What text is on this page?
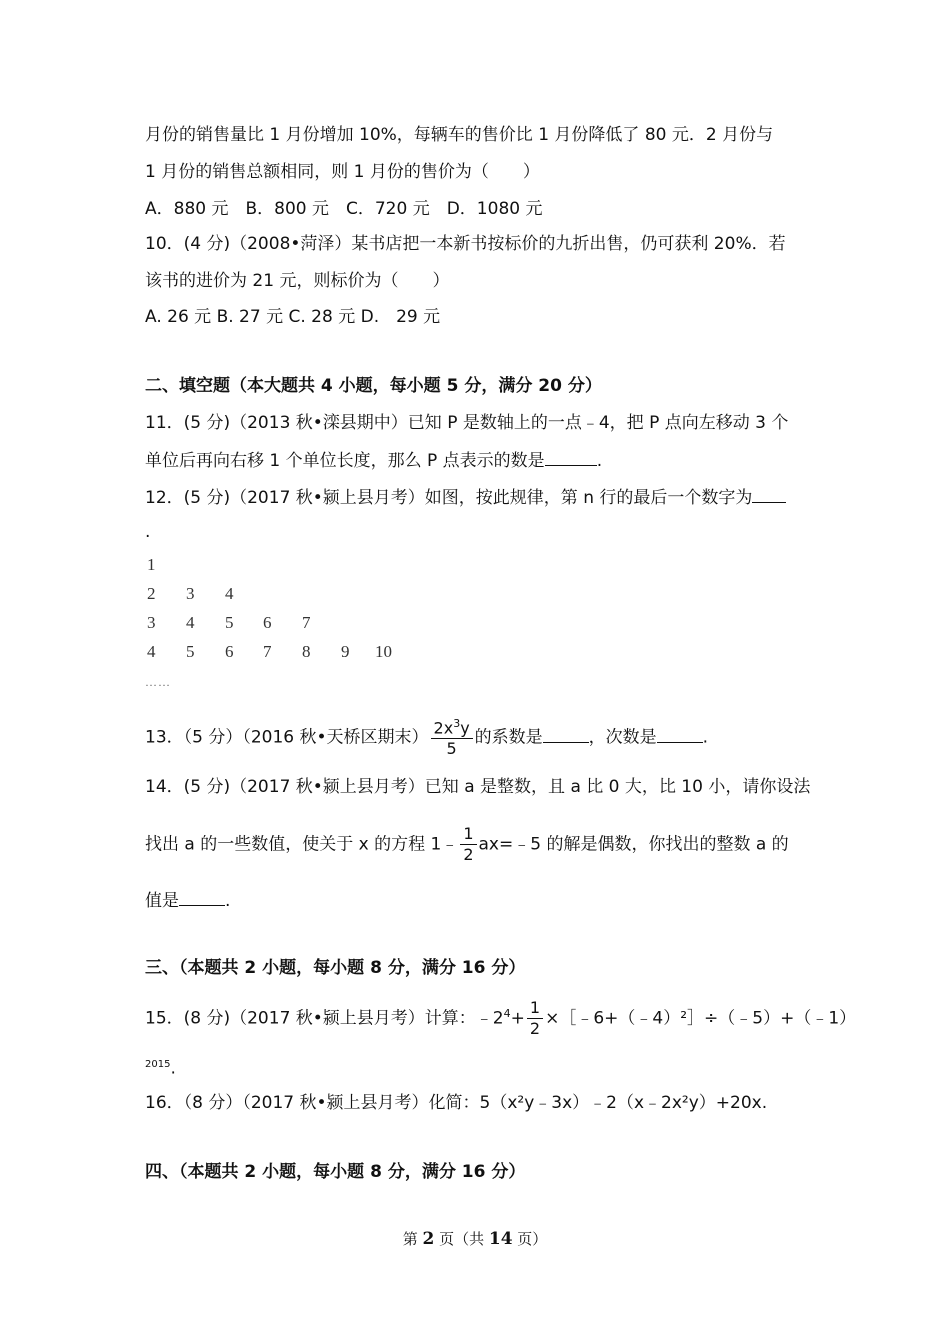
月份的销售量比 1 月份增加 10%，每辆车的售价比 1 月份降低了 80 元．2 月份与
1 月份的销售总额相同，则 1 月份的售价为（　　）
A．880 元　B．800 元　C．720 元　D．1080 元
10．(4 分)（2008•菏泽）某书店把一本新书按标价的九折出售，仍可获利 20%．若
该书的进价为 21 元，则标价为（　　）
A. 26 元 B. 27 元 C. 28 元 D.　29 元
二、填空题（本大题共 4 小题，每小题 5 分，满分 20 分）
11．(5 分)（2013 秋•滦县期中）已知 P 是数轴上的一点﹣4，把 P 点向左移动 3 个
单位后再向右移 1 个单位长度，那么 P 点表示的数是	.
12．(5 分)（2017 秋•颍上县月考）如图，按此规律，第 n 行的最后一个数字为
.
1
2	3	4
3	4	5	6	7
4	5	6	7	8	9	10
……
13．（5 分）（2016 秋•天桥区期末） $\frac{2x^3y}{5}$ 的系数是	，次数是	.
14．(5 分)（2017 秋•颍上县月考）已知 a 是整数，且 a 比 0 大，比 10 小，请你设法
找出 a 的一些数值，使关于 x 的方程 1﹣ $\frac{1}{2}$ ax=﹣5 的解是偶数，你找出的整数 a 的
值是	.
三、（本题共 2 小题，每小题 8 分，满分 16 分）
15．(8 分)（2017 秋•颍上县月考）计算：$﹣2^4+ \frac{1}{2}$ ×［﹣6+（﹣4）²］÷（﹣5）+（﹣1）
$^{2015}$.
16．（8 分）（2017 秋•颍上县月考）化简：5（x²y﹣3x）﹣2（x﹣2x²y）+20x.
四、（本题共 2 小题，每小题 8 分，满分 16 分）
第 2 页（共 14 页）
